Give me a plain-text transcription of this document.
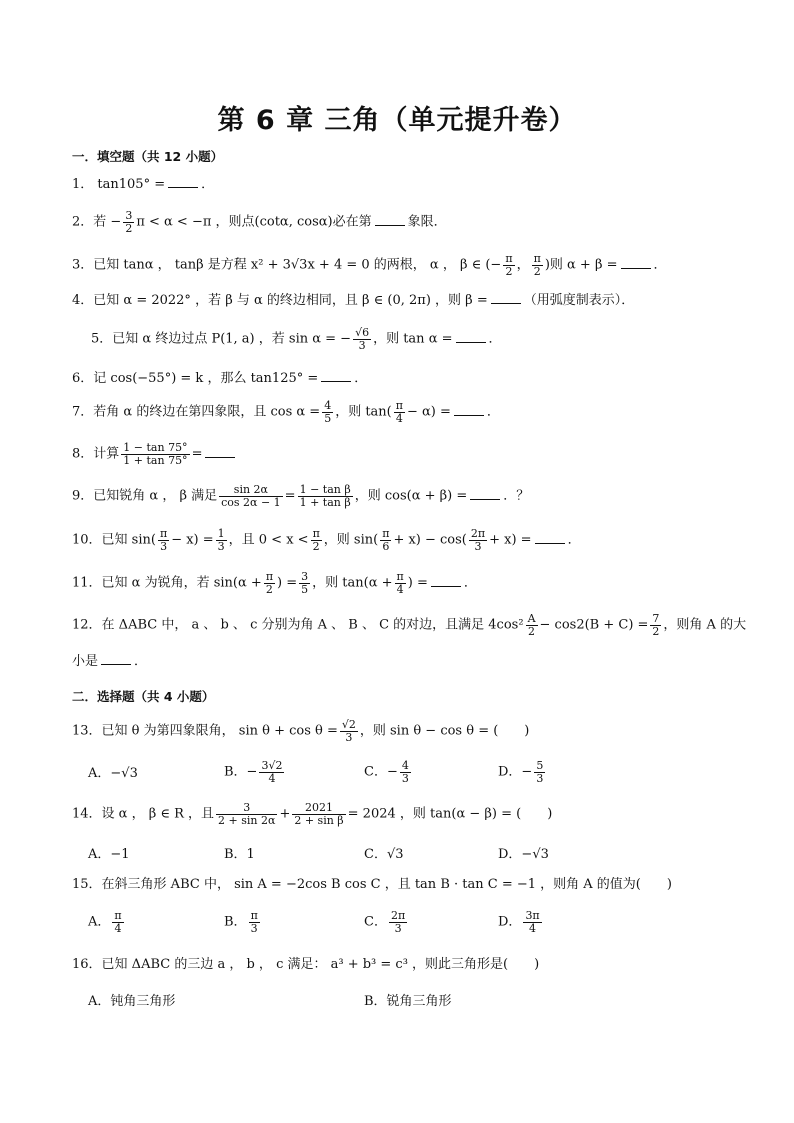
第 6 章 三角（单元提升卷）
一．填空题（共 12 小题）
1． tan105° =	．
2．若 − $\frac{3}{2}$ π < α < −π ，则点(cotα, cosα)必在第	象限．
3．已知 tanα ， tanβ 是方程 x² + 3√3x + 4 = 0 的两根， α ， β ∈ (− $\frac{\pi}{2}$ ， $\frac{\pi}{2}$ )则 α + β =	．
4．已知 α = 2022° ，若 β 与 α 的终边相同，且 β ∈ (0, 2π) ，则 β =	（用弧度制表示）．
5．已知 α 终边过点 P(1, a) ，若 sin α = − $\frac{√6}{3}$ ，则 tan α =	．
6．记 cos(−55°) = k ，那么 tan125° =	．
7．若角 α 的终边在第四象限，且 $\cos \alpha = \frac{4}{5}$ ，则 $\tan( \frac{\pi}{4} - \alpha)$ =	．
8．计算 $\frac{1 - \tan 75^\circ}{1 + \tan 75^\circ}$ =
9．已知锐角 α ， β 满足 $\frac{\sin 2\alpha}{\cos 2\alpha - 1} = \frac{\text{1 − tan β}}{\text{1 + tan β}}$ ，则 cos(α + β) =	．？
10．已知 $\sin( \frac{\pi}{3} - x) = \frac{1}{3}$ ，且 $0 < x < \frac{\pi}{2}$ ，则 $\sin( \frac{\pi}{6} + x) - \cos( \frac{2\pi}{3} + x)$ =	．
11．已知 α 为锐角，若 $\sin(\alpha + \frac{\pi}{2}$ ) = $\frac{3}{5}$ ，则 $\tan(\alpha + \frac{\pi}{4}$ ) =	．
12．在 ΔABC 中， a 、 b 、 c 分别为角 A 、 B 、 C 的对边，且满足 $4\cos^2 \frac{A}{2} - \cos 2(B + C) = \frac{7}{2}$ ，则角 A 的大
小是	．
二．选择题（共 4 小题）
13．已知 θ 为第四象限角， $\sin \theta + \cos \theta = \frac{√2}{3}$ ，则 sin θ − cos θ = (　　)
A．−√3	B．− $\frac{3√2}{4}$	C．− $\frac{4}{3}$	D．− $\frac{5}{3}$
14．设 α ， β ∈ R ，且 $\frac{3}{2 + \sin 2\alpha} + \frac{2021}{\text{2 + sin β}} = 2024$ ，则 tan(α − β) = (　　)
A．−1	B．1	C．√3	D．−√3
15．在斜三角形 ABC 中， sin A = −2cos B cos C ，且 tan B · tan C = −1 ，则角 A 的值为(　　)
A． $\frac{\pi}{4}$	B． $\frac{\pi}{3}$	C． $\frac{2\pi}{3}$	D． $\frac{3\pi}{4}$
16．已知 ΔABC 的三边 a ， b ， c 满足： a³ + b³ = c³ ，则此三角形是(　　)
A．钝角三角形	B．锐角三角形
